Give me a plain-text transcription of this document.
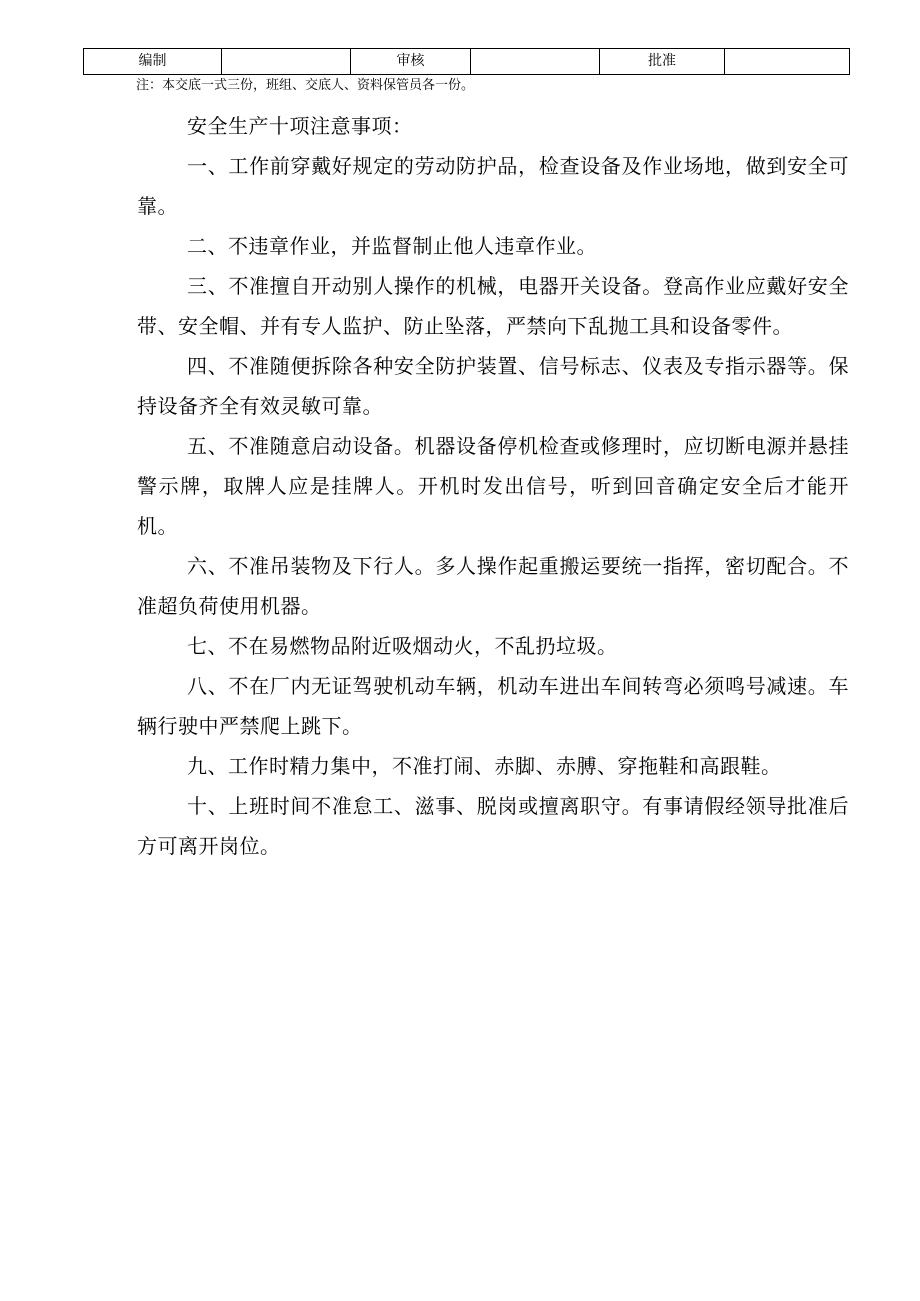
编制		审核		批准	
注：本交底一式三份，班组、交底人、资料保管员各一份。

安全生产十项注意事项：

一、工作前穿戴好规定的劳动防护品，检查设备及作业场地，做到安全可靠。

二、不违章作业，并监督制止他人违章作业。

三、不准擅自开动别人操作的机械，电器开关设备。登高作业应戴好安全带、安全帽、并有专人监护、防止坠落，严禁向下乱抛工具和设备零件。

四、不准随便拆除各种安全防护装置、信号标志、仪表及专指示器等。保持设备齐全有效灵敏可靠。

五、不准随意启动设备。机器设备停机检查或修理时，应切断电源并悬挂警示牌，取牌人应是挂牌人。开机时发出信号，听到回音确定安全后才能开机。

六、不准吊装物及下行人。多人操作起重搬运要统一指挥，密切配合。不准超负荷使用机器。

七、不在易燃物品附近吸烟动火，不乱扔垃圾。

八、不在厂内无证驾驶机动车辆，机动车进出车间转弯必须鸣号减速。车辆行驶中严禁爬上跳下。

九、工作时精力集中，不准打闹、赤脚、赤膊、穿拖鞋和高跟鞋。

十、上班时间不准怠工、滋事、脱岗或擅离职守。有事请假经领导批准后方可离开岗位。
